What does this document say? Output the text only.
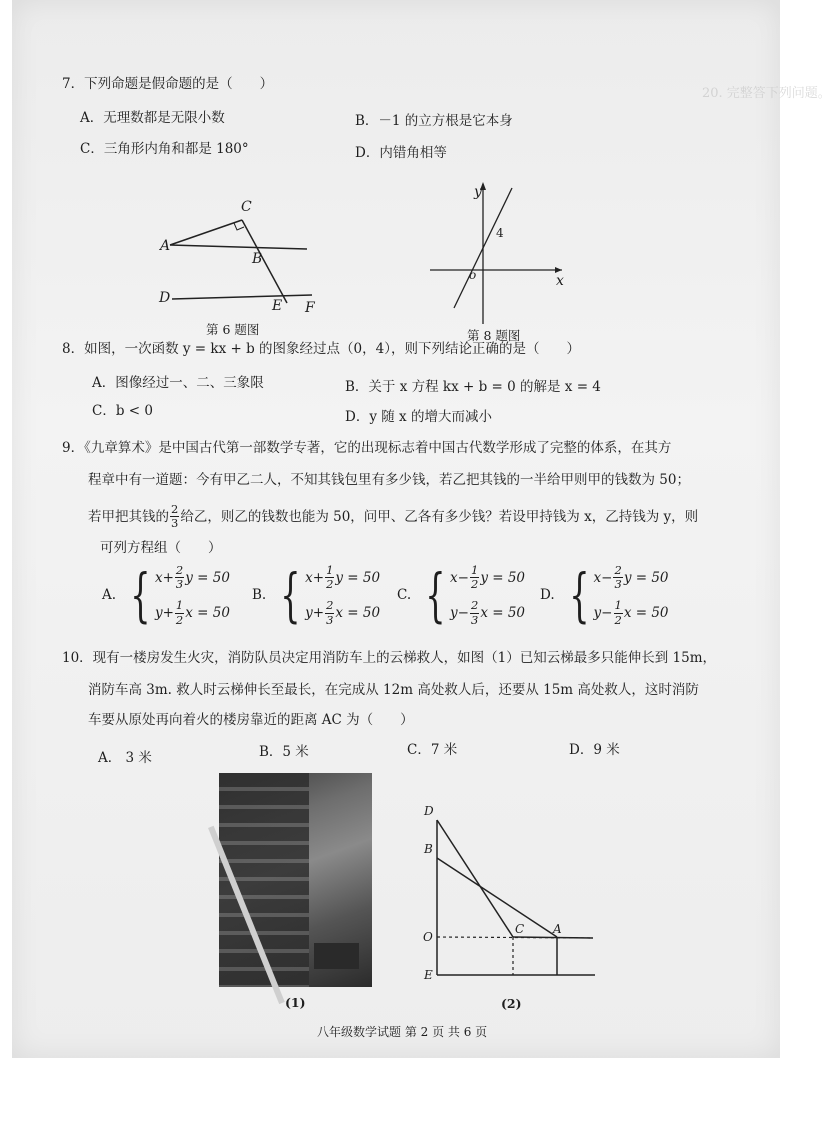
20. 完整答下列问题。
7．下列命题是假命题的是（　　）
A．无理数都是无限小数	B．－1 的立方根是它本身
C．三角形内角和都是 180°	D．内错角相等
C
A
B
D	E F
第 6 题图
y
4
o	x
第 8 题图
8．如图，一次函数 y = kx + b 的图象经过点（0，4），则下列结论正确的是（　　）
A．图像经过一、二、三象限	B．关于 x 方程 kx + b = 0 的解是 x = 4
C．b < 0	D．y 随 x 的增大而减小
9．《九章算术》是中国古代第一部数学专著，它的出现标志着中国古代数学形成了完整的体系，在其方
程章中有一道题：今有甲乙二人，不知其钱包里有多少钱，若乙把其钱的一半给甲则甲的钱数为 50；
若甲把其钱的 $\frac{2}{3}$ 给乙，则乙的钱数也能为 50，问甲、乙各有多少钱？若设甲持钱为 x，乙持钱为 y，则
可列方程组（　　）
A. { $x+ \frac{2}{3}$ y = 50
$y+ \frac{1}{2}$ x = 50
B. { $x+ \frac{1}{2}$ y = 50
$y+ \frac{2}{3}$ x = 50
C. { $x- \frac{1}{2}$ y = 50
$y- \frac{2}{3}$ x = 50
D. { $x- \frac{2}{3}$ y = 50
$y- \frac{1}{2}$ x = 50
10．现有一楼房发生火灾，消防队员决定用消防车上的云梯救人，如图（1）已知云梯最多只能伸长到 15m，
消防车高 3m. 救人时云梯伸长至最长，在完成从 12m 高处救人后，还要从 15m 高处救人，这时消防
车要从原处再向着火的楼房靠近的距离 AC 为（　　）
A． 3 米	B．5 米	C．7 米	D．9 米
(1)
D
B
O
C A
E
(2)
八年级数学试题 第 2 页 共 6 页
